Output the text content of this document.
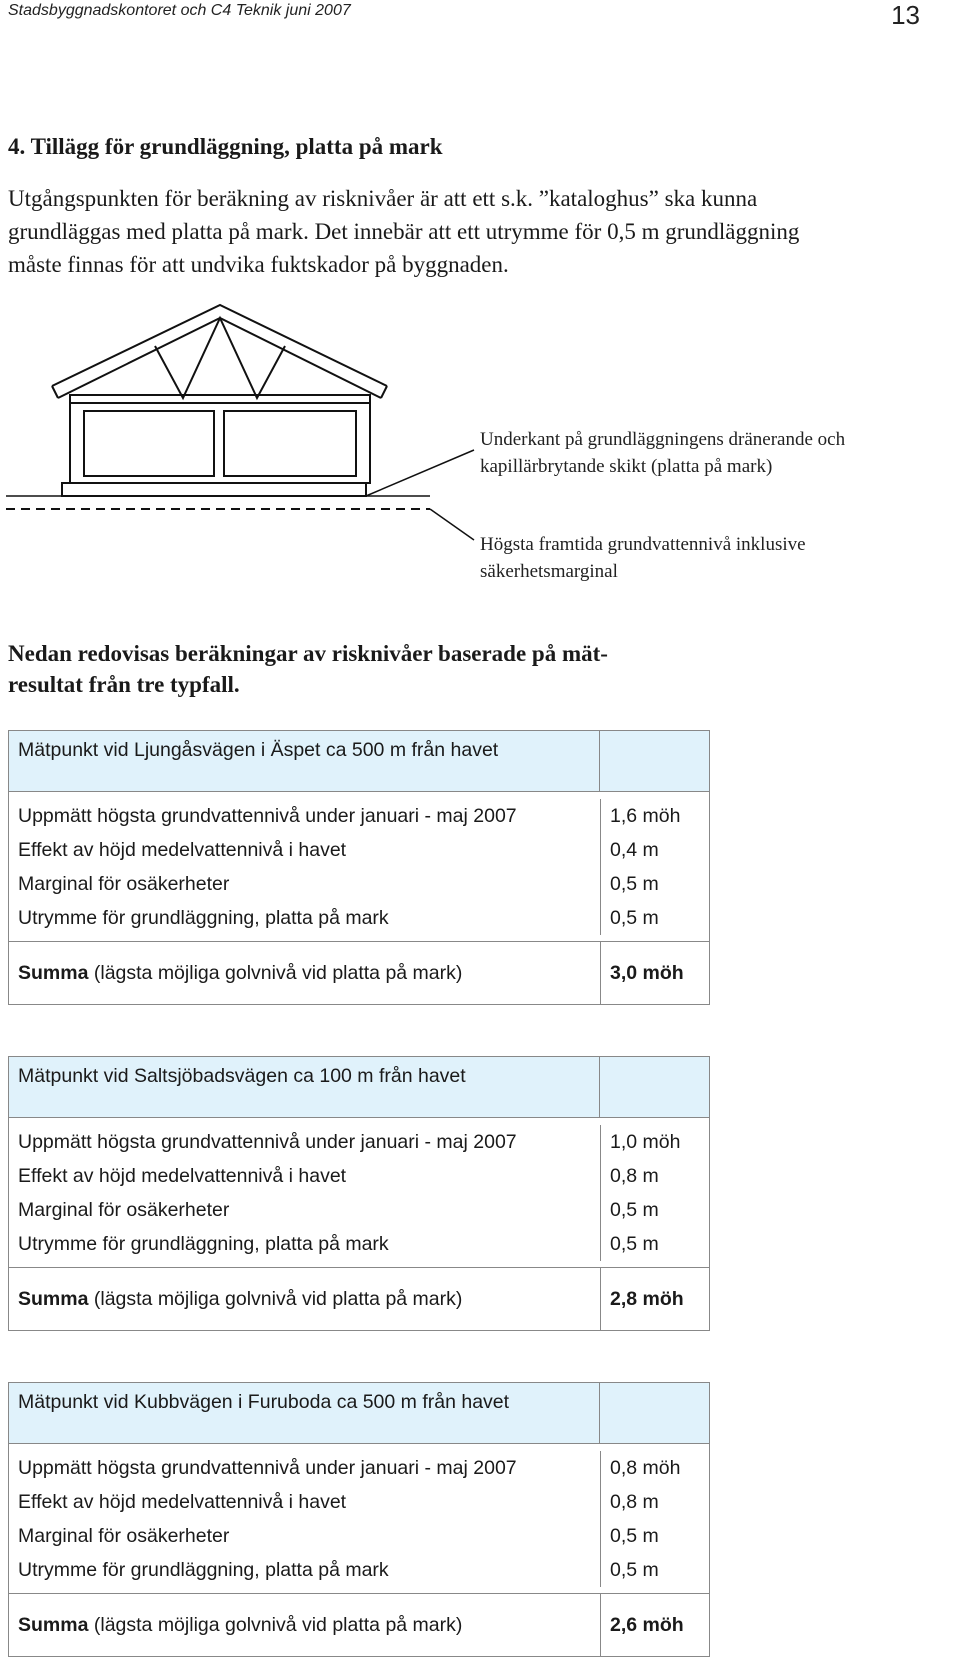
Stadsbyggnadskontoret och C4 Teknik juni 2007	13
4. Tillägg för grundläggning, platta på mark

Utgångspunkten för beräkning av risknivåer är att ett s.k. ”kataloghus” ska kunna

grundläggas med platta på mark. Det innebär att ett utrymme för 0,5 m grundläggning

måste finnas för att undvika fuktskador på byggnaden.

Underkant på grundläggningens dränerande och
kapillärbrytande skikt (platta på mark)
Högsta framtida grundvattennivå inklusive
säkerhetsmarginal
Nedan redovisas beräkningar av risknivåer baserade på mät-
resultat från tre typfall.
Mätpunkt vid Ljungåsvägen i Äspet ca 500 m från havet
Uppmätt högsta grundvattennivå under januari - maj 2007	1,6 möh
Effekt av höjd medelvattennivå i havet	0,4 m
Marginal för osäkerheter	0,5 m
Utrymme för grundläggning, platta på mark	0,5 m
Summa (lägsta möjliga golvnivå vid platta på mark)	3,0 möh
Mätpunkt vid Saltsjöbadsvägen ca 100 m från havet
Uppmätt högsta grundvattennivå under januari - maj 2007	1,0 möh
Effekt av höjd medelvattennivå i havet	0,8 m
Marginal för osäkerheter	0,5 m
Utrymme för grundläggning, platta på mark	0,5 m
Summa (lägsta möjliga golvnivå vid platta på mark)	2,8 möh
Mätpunkt vid Kubbvägen i Furuboda ca 500 m från havet
Uppmätt högsta grundvattennivå under januari - maj 2007	0,8 möh
Effekt av höjd medelvattennivå i havet	0,8 m
Marginal för osäkerheter	0,5 m
Utrymme för grundläggning, platta på mark	0,5 m
Summa (lägsta möjliga golvnivå vid platta på mark)	2,6 möh
